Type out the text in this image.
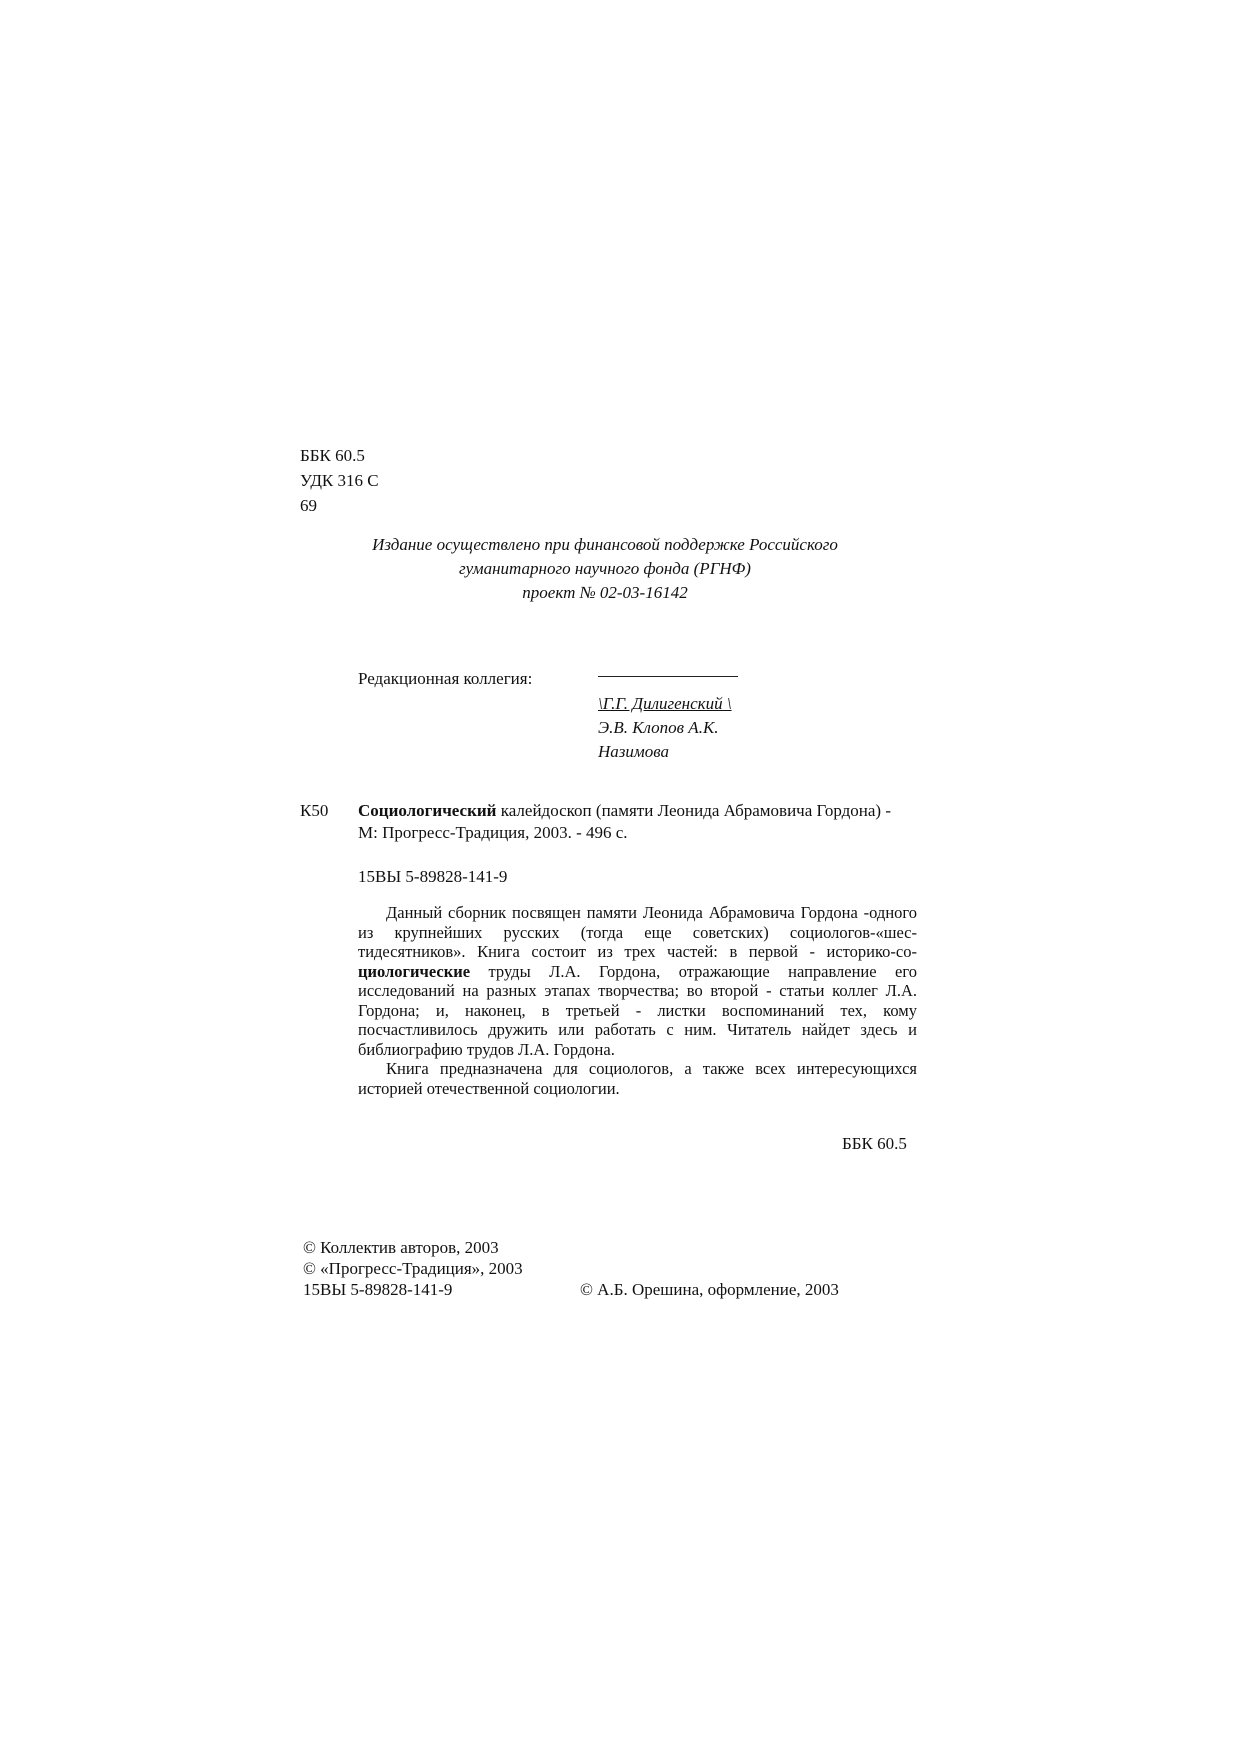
ББК 60.5
УДК 316 С
69
Издание осуществлено при финансовой поддержке Российского
гуманитарного научного фонда (РГНФ)
проект № 02-03-16142
Редакционная коллегия:
\Г.Г. Дилигенский \
Э.В. Клопов А.К.
Назимова
К50 Социологический калейдоскоп (памяти Леонида Абрамовича Гордона) - М: Прогресс-Традиция, 2003. - 496 с.
15ВЫ 5-89828-141-9

Данный сборник посвящен памяти Леонида Абрамовича Гордона -одного из крупнейших русских (тогда еще советских) социологов-«шес-тидесятников». Книга состоит из трех частей: в первой - историко-со-циологические труды Л.А. Гордона, отражающие направление его исследований на разных этапах творчества; во второй - статьи коллег Л.А. Гордона; и, наконец, в третьей - листки воспоминаний тех, кому посчастливилось дружить или работать с ним. Читатель найдет здесь и библиографию трудов Л.А. Гордона.

Книга предназначена для социологов, а также всех интересующихся историей отечественной социологии.

ББК 60.5
© Коллектив авторов, 2003
© «Прогресс-Традиция», 2003
15ВЫ 5-89828-141-9	© А.Б. Орешина, оформление, 2003
